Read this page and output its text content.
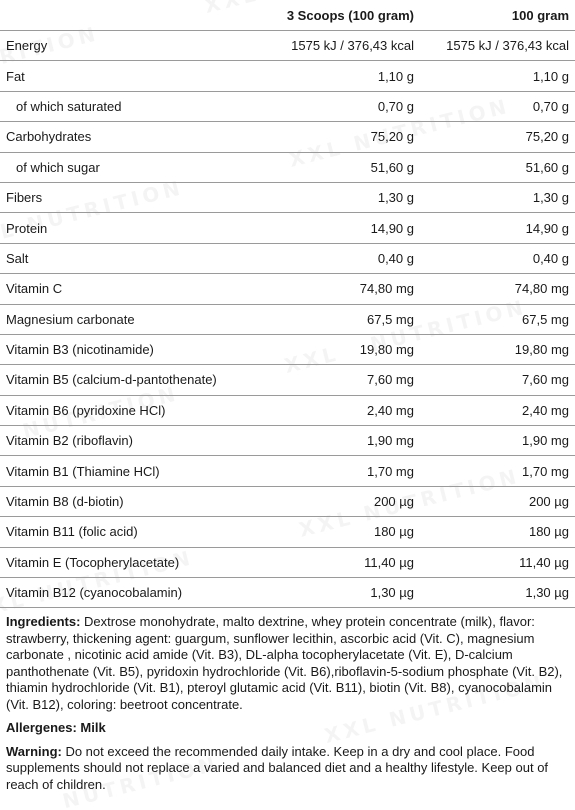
	3 Scoops (100 gram)	100 gram
Energy	1575 kJ / 376,43 kcal	1575 kJ / 376,43 kcal
Fat	1,10 g	1,10 g
of which saturated	0,70 g	0,70 g
Carbohydrates	75,20 g	75,20 g
of which sugar	51,60 g	51,60 g
Fibers	1,30 g	1,30 g
Protein	14,90 g	14,90 g
Salt	0,40 g	0,40 g
Vitamin C	74,80 mg	74,80 mg
Magnesium carbonate	67,5 mg	67,5 mg
Vitamin B3 (nicotinamide)	19,80 mg	19,80 mg
Vitamin B5 (calcium-d-pantothenate)	7,60 mg	7,60 mg
Vitamin B6 (pyridoxine HCl)	2,40 mg	2,40 mg
Vitamin B2 (riboflavin)	1,90 mg	1,90 mg
Vitamin B1 (Thiamine HCl)	1,70 mg	1,70 mg
Vitamin B8 (d-biotin)	200 µg	200 µg
Vitamin B11 (folic acid)	180 µg	180 µg
Vitamin E (Tocopherylacetate)	11,40 µg	11,40 µg
Vitamin B12 (cyanocobalamin)	1,30 µg	1,30 µg

Ingredients: Dextrose monohydrate, malto dextrine, whey protein concentrate (milk), flavor: strawberry, thickening agent: guargum, sunflower lecithin, ascorbic acid (Vit. C), magnesium carbonate , nicotinic acid amide (Vit. B3), DL-alpha tocopherylacetate (Vit. E), D-calcium panthothenate (Vit. B5), pyridoxin hydrochloride (Vit. B6),riboflavin-5-sodium phosphate (Vit. B2), thiamin hydrochloride (Vit. B1), pteroyl glutamic acid (Vit. B11), biotin (Vit. B8), cyanocobalamin (Vit. B12), coloring: beetroot concentrate.

Allergenes: Milk

Warning: Do not exceed the recommended daily intake. Keep in a dry and cool place. Food supplements should not replace a varied and balanced diet and a healthy lifestyle. Keep out of reach of children.
